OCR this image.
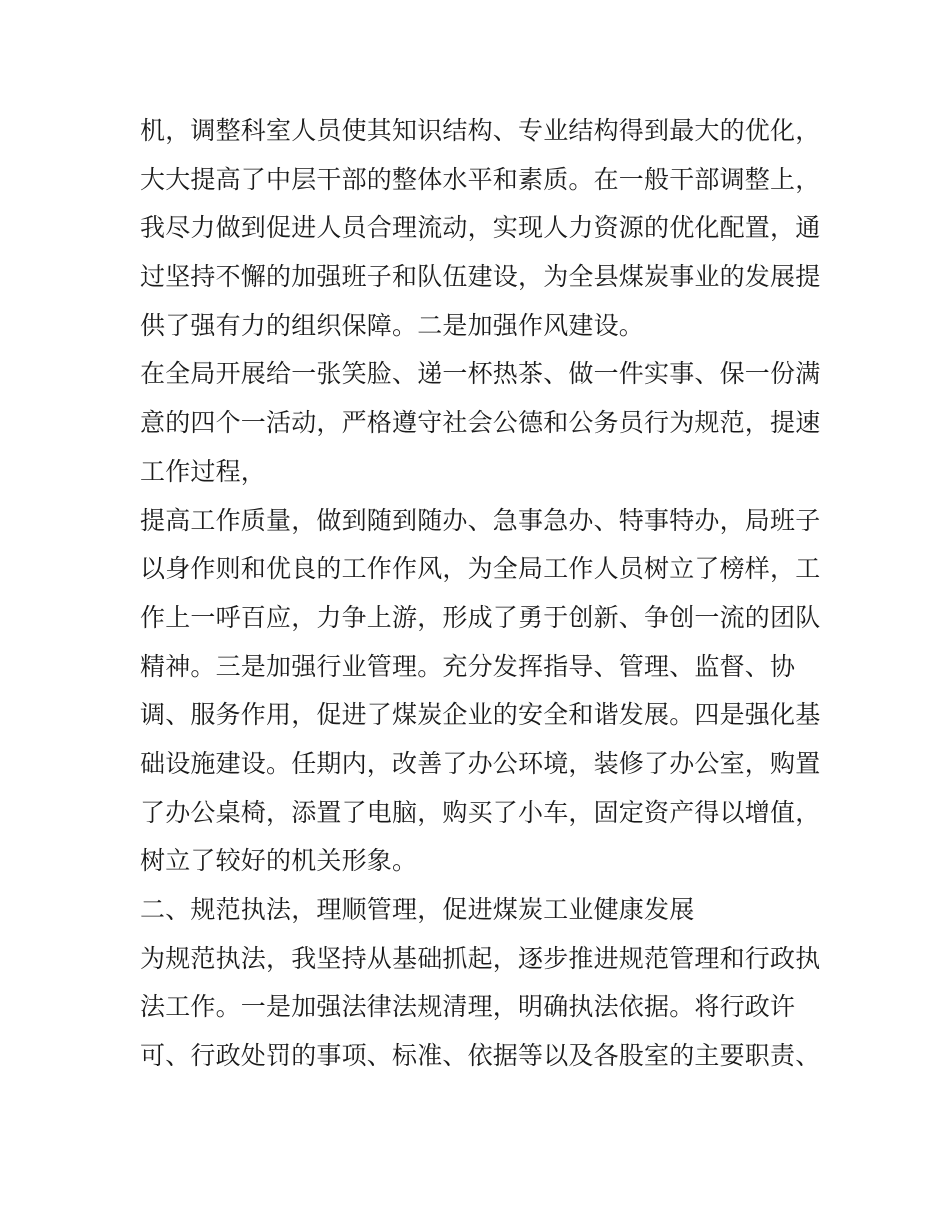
机，调整科室人员使其知识结构、专业结构得到最大的优化，
大大提高了中层干部的整体水平和素质。在一般干部调整上，
我尽力做到促进人员合理流动，实现人力资源的优化配置，通
过坚持不懈的加强班子和队伍建设，为全县煤炭事业的发展提
供了强有力的组织保障。二是加强作风建设。
在全局开展给一张笑脸、递一杯热茶、做一件实事、保一份满
意的四个一活动，严格遵守社会公德和公务员行为规范，提速
工作过程，
提高工作质量，做到随到随办、急事急办、特事特办，局班子
以身作则和优良的工作作风，为全局工作人员树立了榜样，工
作上一呼百应，力争上游，形成了勇于创新、争创一流的团队
精神。三是加强行业管理。充分发挥指导、管理、监督、协
调、服务作用，促进了煤炭企业的安全和谐发展。四是强化基
础设施建设。任期内，改善了办公环境，装修了办公室，购置
了办公桌椅，添置了电脑，购买了小车，固定资产得以增值，
树立了较好的机关形象。
二、规范执法，理顺管理，促进煤炭工业健康发展
为规范执法，我坚持从基础抓起，逐步推进规范管理和行政执
法工作。一是加强法律法规清理，明确执法依据。将行政许
可、行政处罚的事项、标准、依据等以及各股室的主要职责、
